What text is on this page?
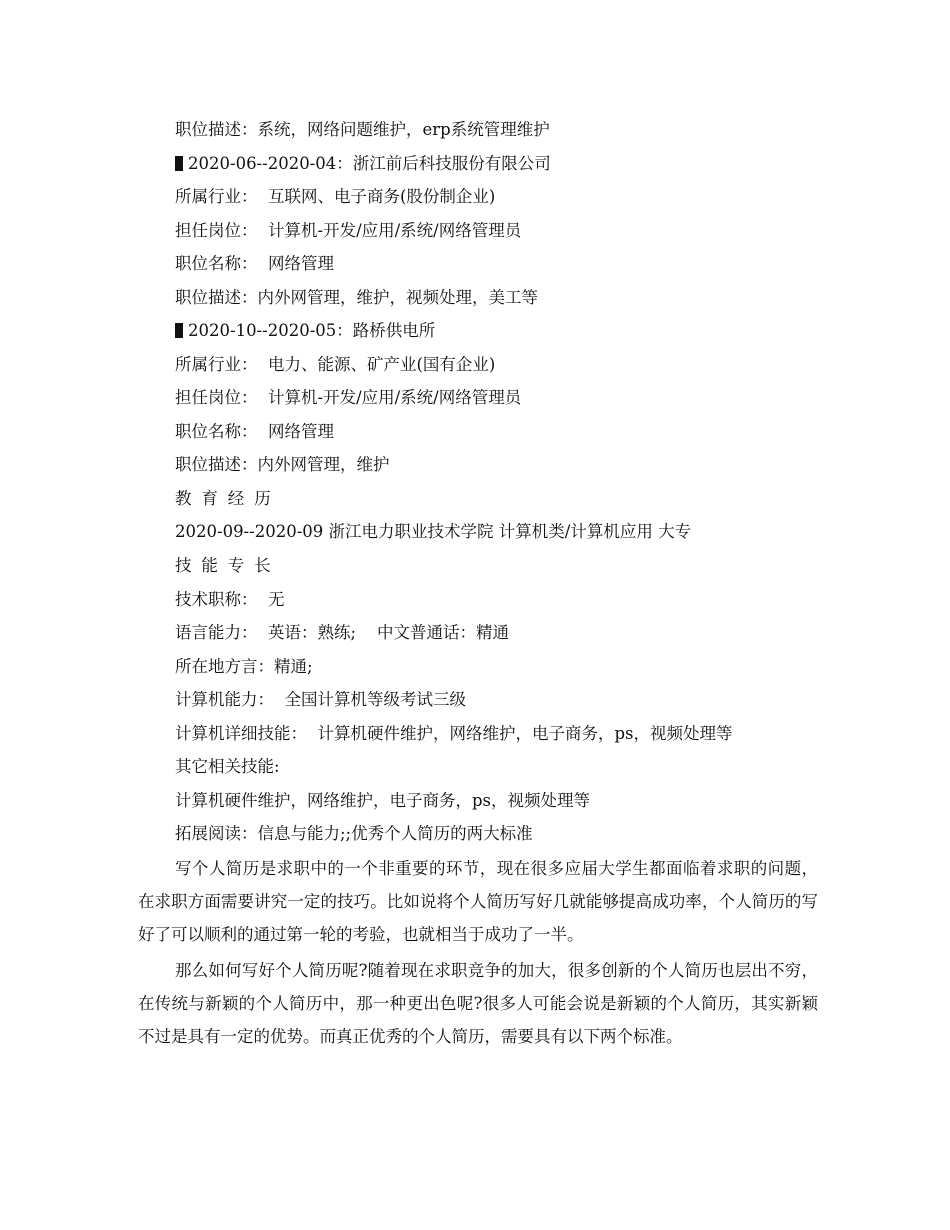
职位描述：系统，网络问题维护，erp系统管理维护
2020-06--2020-04：浙江前后科技服份有限公司
所属行业：  互联网、电子商务(股份制企业)
担任岗位：  计算机-开发/应用/系统/网络管理员
职位名称：  网络管理
职位描述：内外网管理，维护，视频处理，美工等
2020-10--2020-05：路桥供电所
所属行业：  电力、能源、矿产业(国有企业)
担任岗位：  计算机-开发/应用/系统/网络管理员
职位名称：  网络管理
职位描述：内外网管理，维护
教育经历
2020-09--2020-09 浙江电力职业技术学院 计算机类/计算机应用 大专
技能专长
技术职称：  无
语言能力：  英语：熟练;    中文普通话：精通
所在地方言：精通;
计算机能力：  全国计算机等级考试三级
计算机详细技能：  计算机硬件维护，网络维护，电子商务，ps，视频处理等
其它相关技能:
计算机硬件维护，网络维护，电子商务，ps，视频处理等
拓展阅读：信息与能力;;优秀个人简历的两大标准
写个人简历是求职中的一个非重要的环节，现在很多应届大学生都面临着求职的问题，在求职方面需要讲究一定的技巧。比如说将个人简历写好几就能够提高成功率，个人简历的写好了可以顺利的通过第一轮的考验，也就相当于成功了一半。
那么如何写好个人简历呢?随着现在求职竞争的加大，很多创新的个人简历也层出不穷，在传统与新颖的个人简历中，那一种更出色呢?很多人可能会说是新颖的个人简历，其实新颖不过是具有一定的优势。而真正优秀的个人简历，需要具有以下两个标准。
